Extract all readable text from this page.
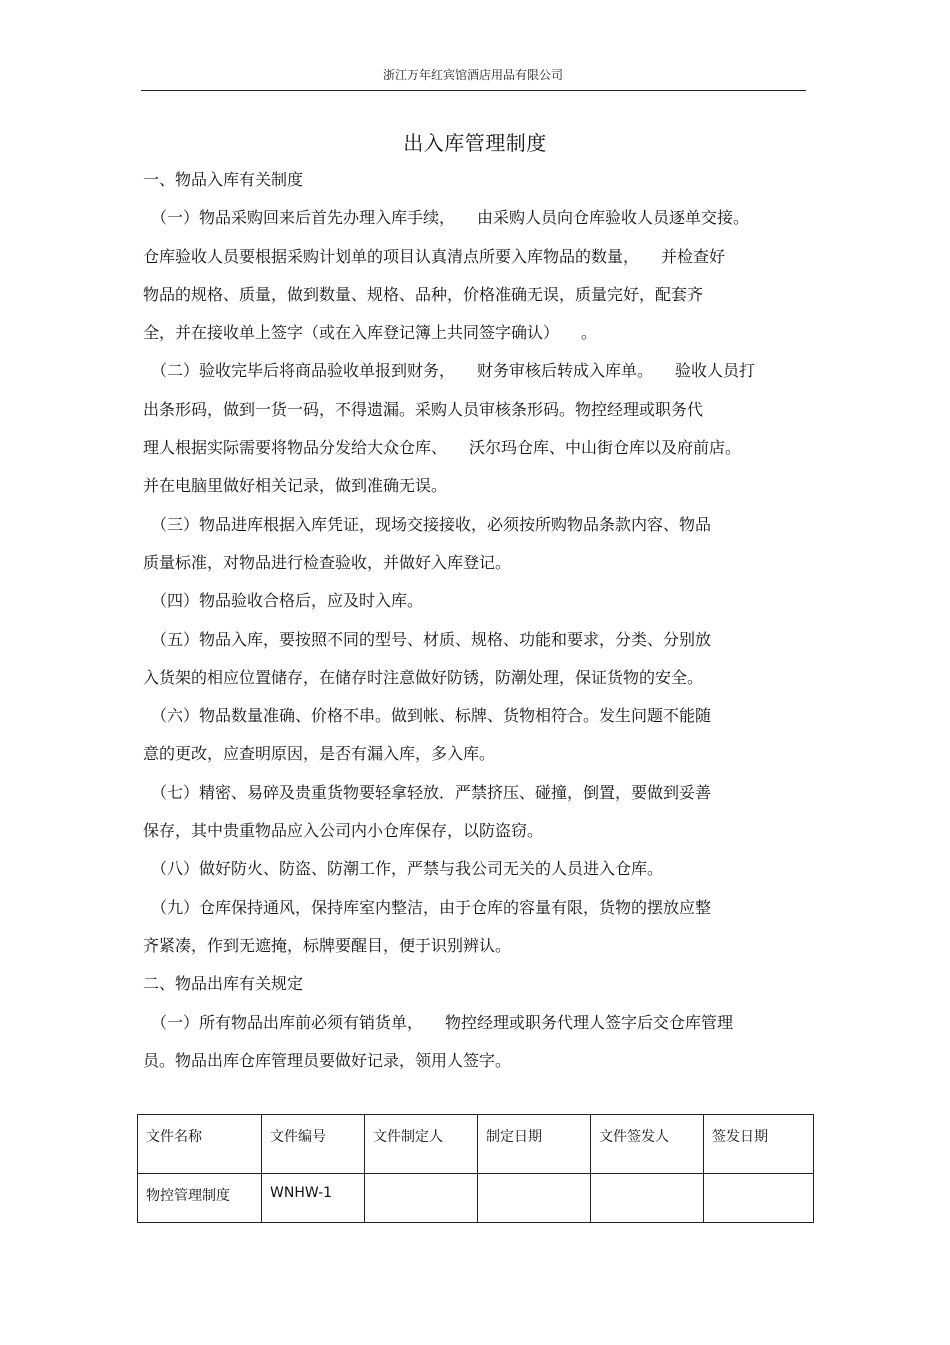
浙江万年红宾馆酒店用品有限公司
出入库管理制度
一、物品入库有关制度
（一）物品采购回来后首先办理入库手续， 由采购人员向仓库验收人员逐单交接。
仓库验收人员要根据采购计划单的项目认真清点所要入库物品的数量， 并检查好
物品的规格、质量，做到数量、规格、品种，价格准确无误，质量完好，配套齐
全，并在接收单上签字（或在入库登记簿上共同签字确认） 。
（二）验收完毕后将商品验收单报到财务， 财务审核后转成入库单。 验收人员打
出条形码，做到一货一码，不得遗漏。采购人员审核条形码。物控经理或职务代
理人根据实际需要将物品分发给大众仓库、 沃尔玛仓库、中山街仓库以及府前店。
并在电脑里做好相关记录，做到准确无误。
（三）物品进库根据入库凭证，现场交接接收，必须按所购物品条款内容、物品
质量标准，对物品进行检查验收，并做好入库登记。
（四）物品验收合格后，应及时入库。
（五）物品入库，要按照不同的型号、材质、规格、功能和要求，分类、分别放
入货架的相应位置储存，在储存时注意做好防锈，防潮处理，保证货物的安全。
（六）物品数量准确、价格不串。做到帐、标牌、货物相符合。发生问题不能随
意的更改，应查明原因，是否有漏入库，多入库。
（七）精密、易碎及贵重货物要轻拿轻放．严禁挤压、碰撞，倒置，要做到妥善
保存，其中贵重物品应入公司内小仓库保存，以防盗窃。
（八）做好防火、防盗、防潮工作，严禁与我公司无关的人员进入仓库。
（九）仓库保持通风，保持库室内整洁，由于仓库的容量有限，货物的摆放应整
齐紧凑，作到无遮掩，标牌要醒目，便于识别辨认。
二、物品出库有关规定
（一）所有物品出库前必须有销货单， 物控经理或职务代理人签字后交仓库管理
员。物品出库仓库管理员要做好记录，领用人签字。
文件名称	文件编号	文件制定人	制定日期	文件签发人	签发日期
物控管理制度	WNHW-1				
